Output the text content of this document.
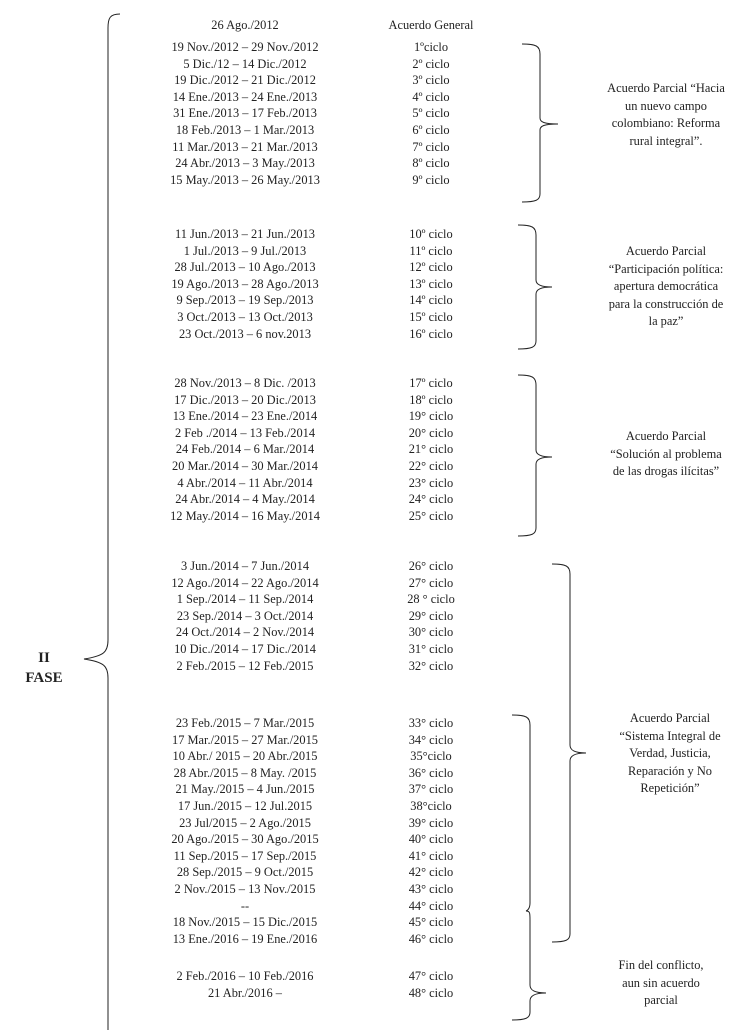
II
FASE
26 Ago./2012	Acuerdo General
19 Nov./2012 – 29 Nov./2012	1ºciclo
5 Dic./12 – 14 Dic./2012	2º ciclo
19 Dic./2012 – 21 Dic./2012	3º ciclo
14 Ene./2013 – 24 Ene./2013	4º ciclo
31 Ene./2013 – 17 Feb./2013	5º ciclo
18 Feb./2013 – 1 Mar./2013	6º ciclo
11 Mar./2013 – 21 Mar./2013	7º ciclo
24 Abr./2013 – 3 May./2013	8º ciclo
15 May./2013 – 26 May./2013	9º ciclo
11 Jun./2013 – 21 Jun./2013	10º ciclo
1 Jul./2013 – 9 Jul./2013	11º ciclo
28 Jul./2013 – 10 Ago./2013	12º ciclo
19 Ago./2013 – 28 Ago./2013	13º ciclo
9 Sep./2013 – 19 Sep./2013	14º ciclo
3 Oct./2013 – 13 Oct./2013	15º ciclo
23 Oct./2013 – 6 nov.2013	16º ciclo
28 Nov./2013 – 8 Dic. /2013	17º ciclo
17 Dic./2013 – 20 Dic./2013	18º ciclo
13 Ene./2014 – 23 Ene./2014	19° ciclo
2 Feb ./2014 – 13 Feb./2014	20° ciclo
24 Feb./2014 – 6 Mar./2014	21° ciclo
20 Mar./2014 – 30 Mar./2014	22° ciclo
4 Abr./2014 – 11 Abr./2014	23° ciclo
24 Abr./2014 – 4 May./2014	24° ciclo
12 May./2014 – 16 May./2014	25° ciclo
3 Jun./2014 – 7 Jun./2014	26° ciclo
12 Ago./2014 – 22 Ago./2014	27° ciclo
1 Sep./2014 – 11 Sep./2014	28 ° ciclo
23 Sep./2014 – 3 Oct./2014	29° ciclo
24 Oct./2014 – 2 Nov./2014	30° ciclo
10 Dic./2014 – 17 Dic./2014	31° ciclo
2 Feb./2015 – 12 Feb./2015	32° ciclo
23 Feb./2015 – 7 Mar./2015	33° ciclo
17 Mar./2015 – 27 Mar./2015	34° ciclo
10 Abr./ 2015 – 20 Abr./2015	35°ciclo
28 Abr./2015 – 8 May. /2015	36° ciclo
21 May./2015 – 4 Jun./2015	37° ciclo
17 Jun./2015 – 12 Jul.2015	38°ciclo
23 Jul/2015 – 2 Ago./2015	39° ciclo
20 Ago./2015 – 30 Ago./2015	40° ciclo
11 Sep./2015 – 17 Sep./2015	41° ciclo
28 Sep./2015 – 9 Oct./2015	42° ciclo
2 Nov./2015 – 13 Nov./2015	43° ciclo
--	44° ciclo
18 Nov./2015 – 15 Dic./2015	45° ciclo
13 Ene./2016 – 19 Ene./2016	46° ciclo
2 Feb./2016 – 10 Feb./2016	47° ciclo
21 Abr./2016 –	48° ciclo
Acuerdo Parcial “Hacia
un nuevo campo
colombiano: Reforma
rural integral”.
Acuerdo Parcial
“Participación política:
apertura democrática
para la construcción de
la paz”
Acuerdo Parcial
“Solución al problema
de las drogas ilícitas”
Acuerdo Parcial
“Sistema Integral de
Verdad, Justicia,
Reparación y No
Repetición”
Fin del conflicto,
aun sin acuerdo
parcial
